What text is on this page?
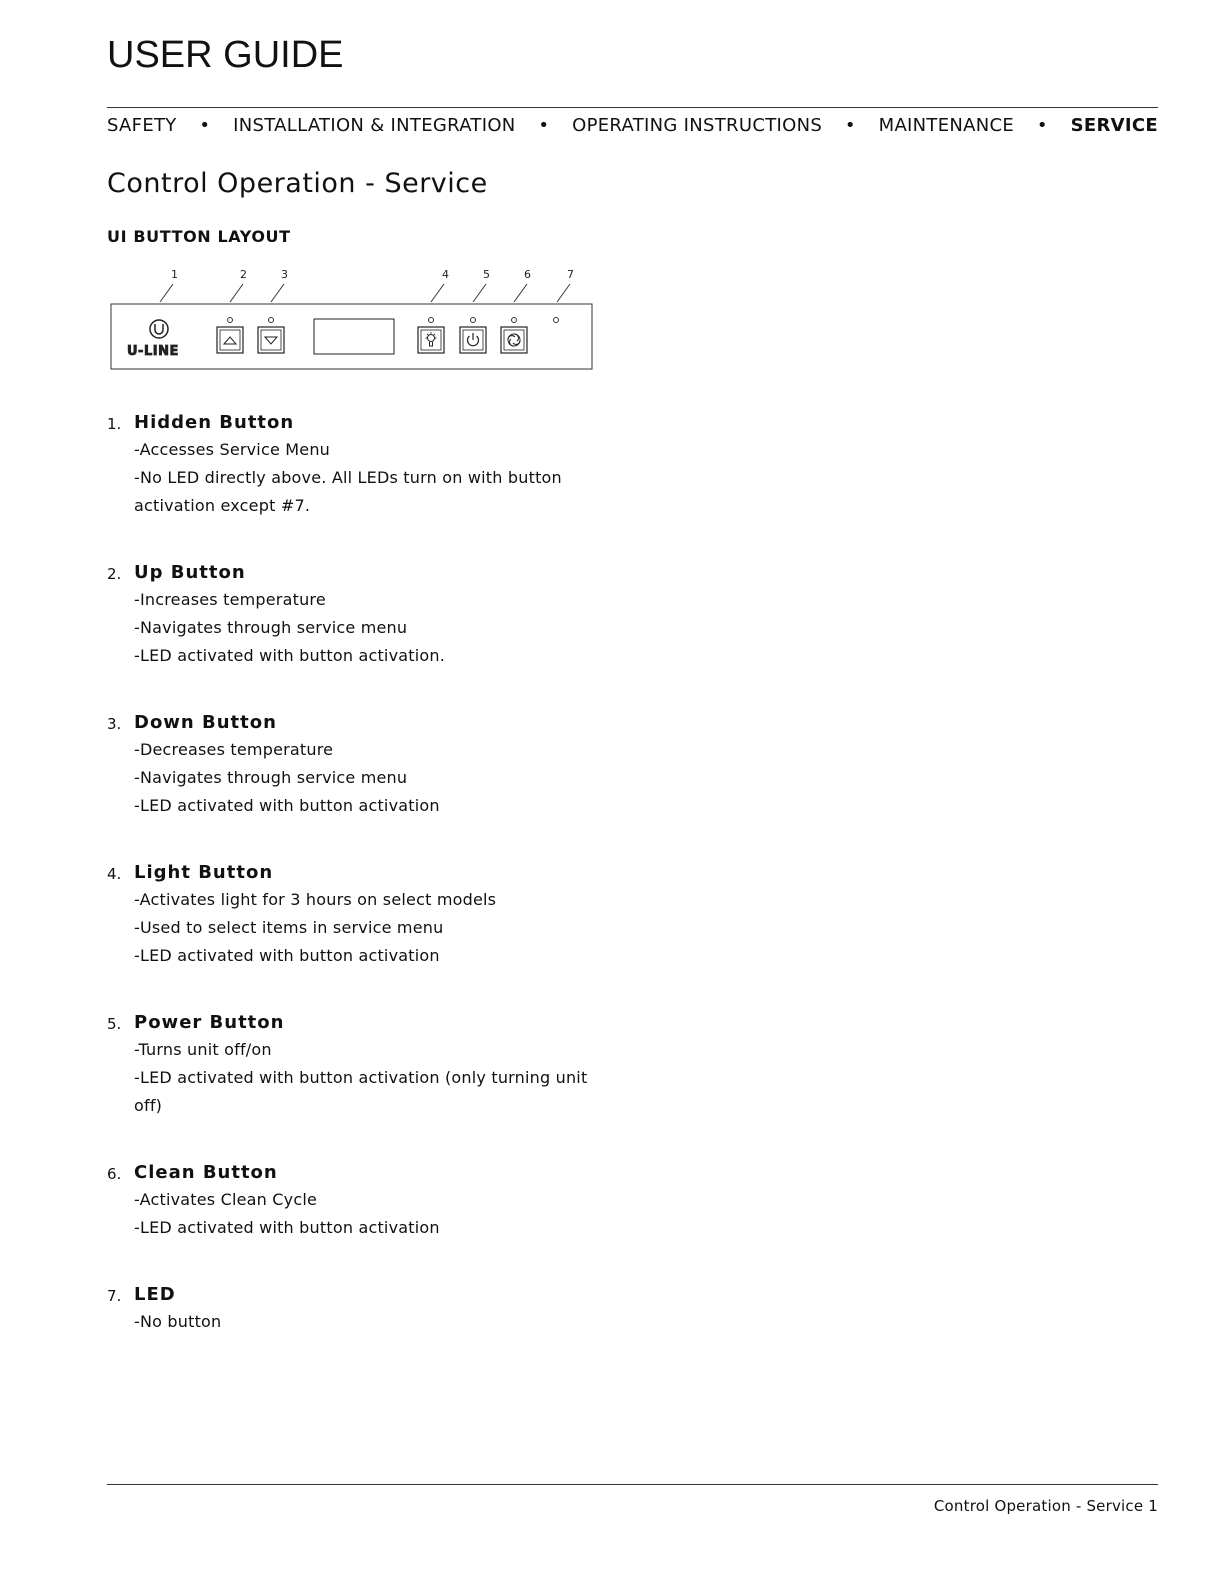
USER GUIDE
SAFETY • INSTALLATION & INTEGRATION • OPERATING INSTRUCTIONS • MAINTENANCE • SERVICE
Control Operation - Service
UI BUTTON LAYOUT
1	2	3	4	5	6	7
U-LINE
1. Hidden Button
-Accesses Service Menu
-No LED directly above. All LEDs turn on with button
activation except #7.
2. Up Button
-Increases temperature
-Navigates through service menu
-LED activated with button activation.
3. Down Button
-Decreases temperature
-Navigates through service menu
-LED activated with button activation
4. Light Button
-Activates light for 3 hours on select models
-Used to select items in service menu
-LED activated with button activation
5. Power Button
-Turns unit off/on
-LED activated with button activation (only turning unit
off)
6. Clean Button
-Activates Clean Cycle
-LED activated with button activation
7. LED
-No button
Control Operation - Service 1
